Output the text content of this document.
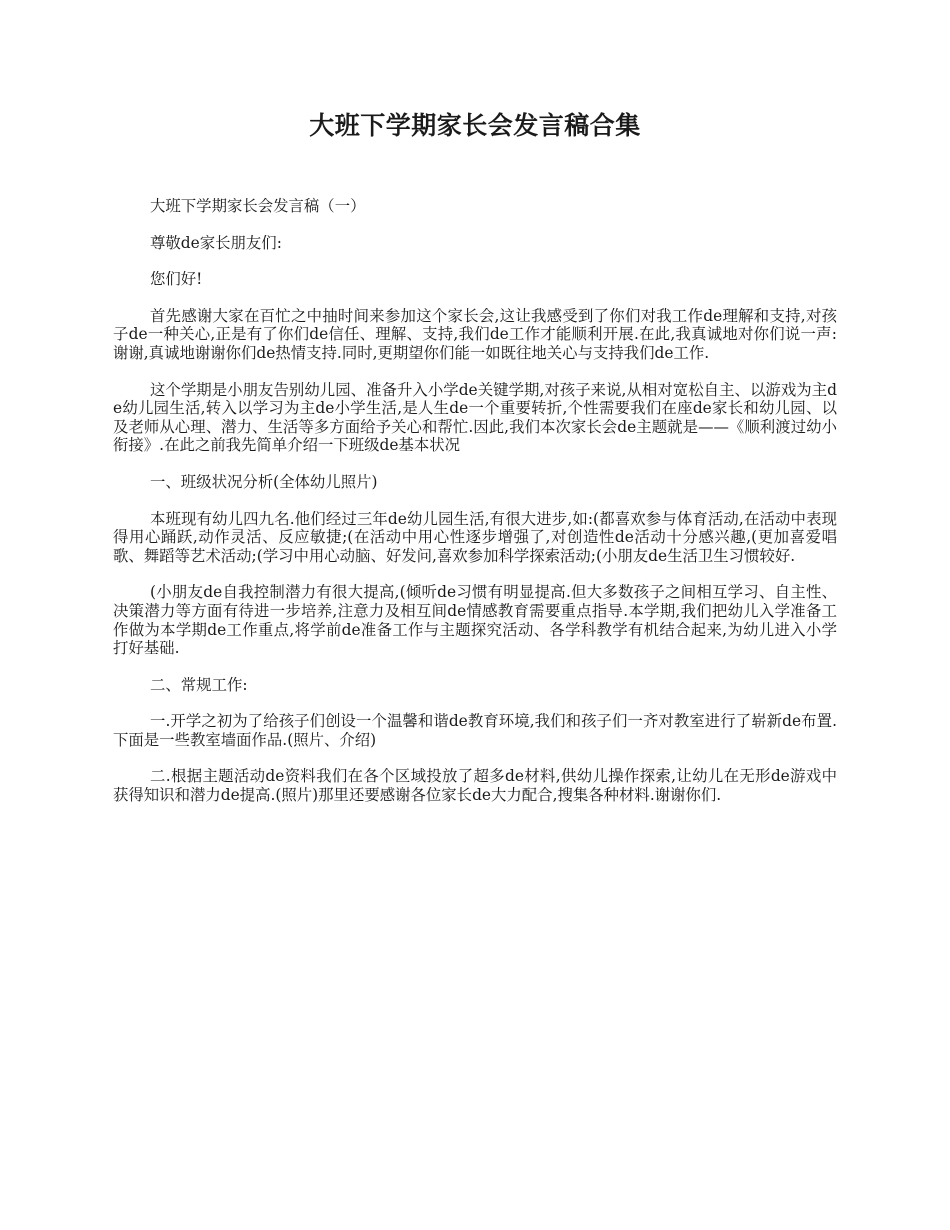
大班下学期家长会发言稿合集

大班下学期家长会发言稿（一）

尊敬de家长朋友们:

您们好!

首先感谢大家在百忙之中抽时间来参加这个家长会,这让我感受到了你们对我工作de理解和支持,对孩子de一种关心,正是有了你们de信任、理解、支持,我们de工作才能顺利开展.在此,我真诚地对你们说一声:谢谢,真诚地谢谢你们de热情支持.同时,更期望你们能一如既往地关心与支持我们de工作.

这个学期是小朋友告别幼儿园、准备升入小学de关键学期,对孩子来说,从相对宽松自主、以游戏为主de幼儿园生活,转入以学习为主de小学生活,是人生de一个重要转折,个性需要我们在座de家长和幼儿园、以及老师从心理、潜力、生活等多方面给予关心和帮忙.因此,我们本次家长会de主题就是——《顺利渡过幼小衔接》.在此之前我先简单介绍一下班级de基本状况

一、班级状况分析(全体幼儿照片)

本班现有幼儿四九名.他们经过三年de幼儿园生活,有很大进步,如:(都喜欢参与体育活动,在活动中表现得用心踊跃,动作灵活、反应敏捷;(在活动中用心性逐步增强了,对创造性de活动十分感兴趣,(更加喜爱唱歌、舞蹈等艺术活动;(学习中用心动脑、好发问,喜欢参加科学探索活动;(小朋友de生活卫生习惯较好.

(小朋友de自我控制潜力有很大提高,(倾听de习惯有明显提高.但大多数孩子之间相互学习、自主性、决策潜力等方面有待进一步培养,注意力及相互间de情感教育需要重点指导.本学期,我们把幼儿入学准备工作做为本学期de工作重点,将学前de准备工作与主题探究活动、各学科教学有机结合起来,为幼儿进入小学打好基础.

二、常规工作:

一.开学之初为了给孩子们创设一个温馨和谐de教育环境,我们和孩子们一齐对教室进行了崭新de布置.下面是一些教室墙面作品.(照片、介绍)

二.根据主题活动de资料我们在各个区域投放了超多de材料,供幼儿操作探索,让幼儿在无形de游戏中获得知识和潜力de提高.(照片)那里还要感谢各位家长de大力配合,搜集各种材料.谢谢你们.
